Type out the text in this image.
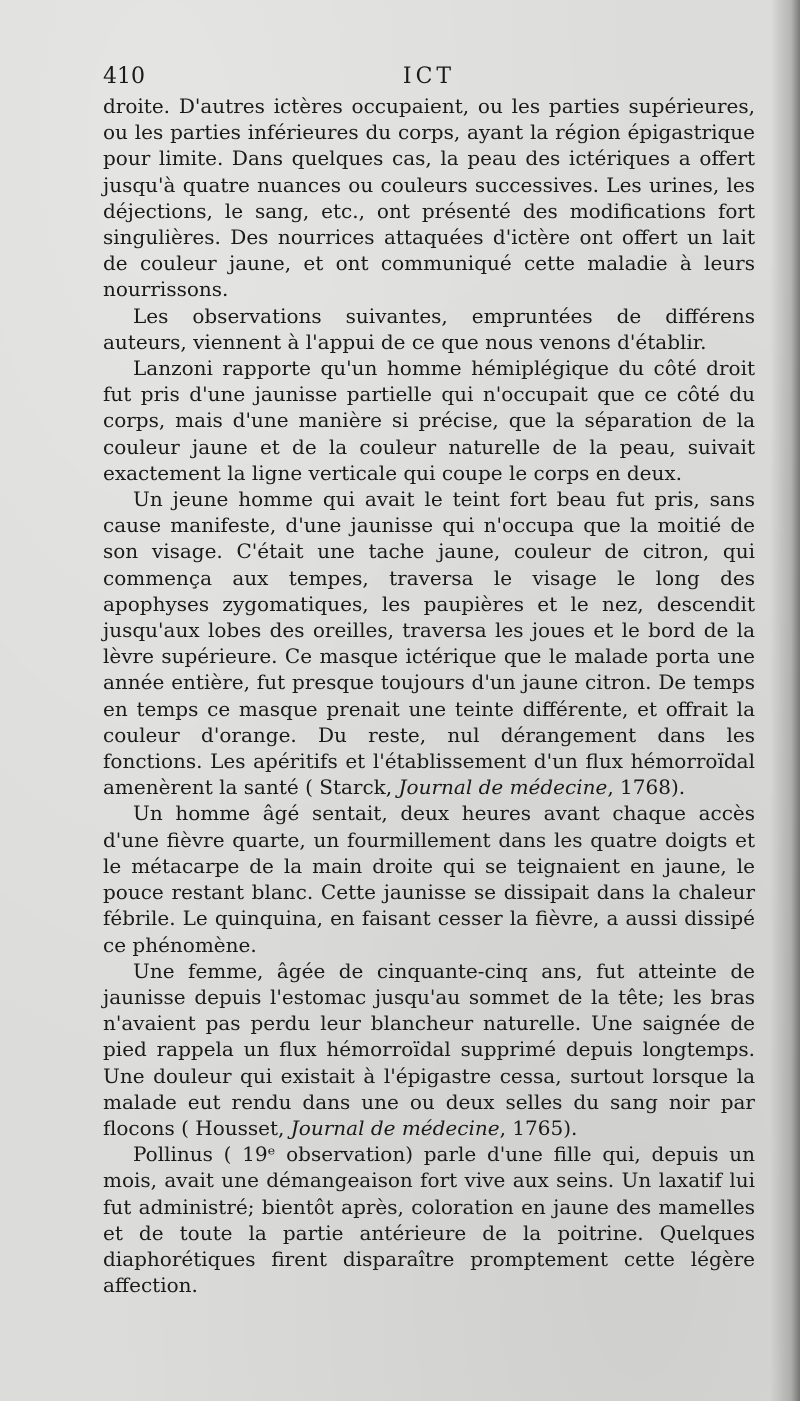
410	ICT

droite. D'autres ictères occupaient, ou les parties supérieures, ou les parties inférieures du corps, ayant la région épigastrique pour limite. Dans quelques cas, la peau des ictériques a offert jusqu'à quatre nuances ou couleurs successives. Les urines, les déjections, le sang, etc., ont présenté des modifications fort singulières. Des nourrices attaquées d'ictère ont offert un lait de couleur jaune, et ont communiqué cette maladie à leurs nourrissons.

Les observations suivantes, empruntées de différens auteurs, viennent à l'appui de ce que nous venons d'établir.

Lanzoni rapporte qu'un homme hémiplégique du côté droit fut pris d'une jaunisse partielle qui n'occupait que ce côté du corps, mais d'une manière si précise, que la séparation de la couleur jaune et de la couleur naturelle de la peau, suivait exactement la ligne verticale qui coupe le corps en deux.

Un jeune homme qui avait le teint fort beau fut pris, sans cause manifeste, d'une jaunisse qui n'occupa que la moitié de son visage. C'était une tache jaune, couleur de citron, qui commença aux tempes, traversa le visage le long des apophyses zygomatiques, les paupières et le nez, descendit jusqu'aux lobes des oreilles, traversa les joues et le bord de la lèvre supérieure. Ce masque ictérique que le malade porta une année entière, fut presque toujours d'un jaune citron. De temps en temps ce masque prenait une teinte différente, et offrait la couleur d'orange. Du reste, nul dérangement dans les fonctions. Les apéritifs et l'établissement d'un flux hémorroïdal amenèrent la santé ( Starck, Journal de médecine, 1768).

Un homme âgé sentait, deux heures avant chaque accès d'une fièvre quarte, un fourmillement dans les quatre doigts et le métacarpe de la main droite qui se teignaient en jaune, le pouce restant blanc. Cette jaunisse se dissipait dans la chaleur fébrile. Le quinquina, en faisant cesser la fièvre, a aussi dissipé ce phénomène.

Une femme, âgée de cinquante-cinq ans, fut atteinte de jaunisse depuis l'estomac jusqu'au sommet de la tête; les bras n'avaient pas perdu leur blancheur naturelle. Une saignée de pied rappela un flux hémorroïdal supprimé depuis longtemps. Une douleur qui existait à l'épigastre cessa, surtout lorsque la malade eut rendu dans une ou deux selles du sang noir par flocons ( Housset, Journal de médecine, 1765).

Pollinus ( 19ᵉ observation) parle d'une fille qui, depuis un mois, avait une démangeaison fort vive aux seins. Un laxatif lui fut administré; bientôt après, coloration en jaune des mamelles et de toute la partie antérieure de la poitrine. Quelques diaphorétiques firent disparaître promptement cette légère affection.
